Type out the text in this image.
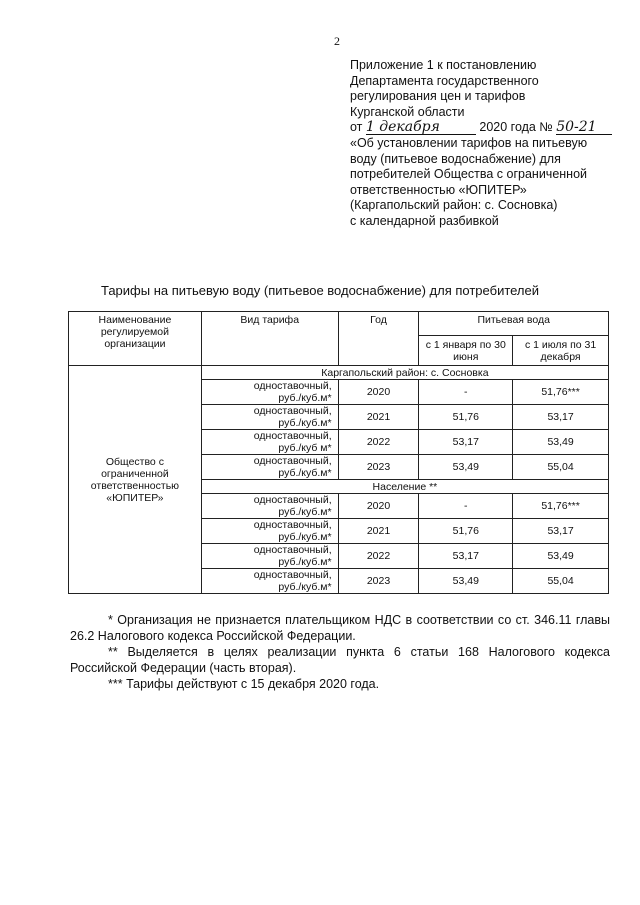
2
Приложение 1 к постановлению
Департамента государственного
регулирования цен и тарифов
Курганской области
от 1 декабря	2020 года № 50-21
«Об установлении тарифов на питьевую
воду (питьевое водоснабжение) для
потребителей Общества с ограниченной
ответственностью «ЮПИТЕР»
(Каргапольский район: с. Сосновка)
с календарной разбивкой
Тарифы на питьевую воду (питьевое водоснабжение) для потребителей
Наименование регулируемой организации	Вид тарифа	Год	Питьевая вода	
			с 1 января по 30 июня	с 1 июля по 31 декабря
Общество с ограниченной ответственностью «ЮПИТЕР»	Каргапольский район: с. Сосновка			
	одноставочный,
руб./куб.м*	2020	-	51,76***
	одноставочный,
руб./куб.м*	2021	51,76	53,17
	одноставочный,
руб./куб м*	2022	53,17	53,49
	одноставочный,
руб./куб.м*	2023	53,49	55,04
	Население **			
	одноставочный,
руб./куб.м*	2020	-	51,76***
	одноставочный,
руб./куб.м*	2021	51,76	53,17
	одноставочный,
руб./куб.м*	2022	53,17	53,49
	одноставочный,
руб./куб.м*	2023	53,49	55,04

* Организация не признается плательщиком НДС в соответствии со ст. 346.11 главы 26.2 Налогового кодекса Российской Федерации.

** Выделяется в целях реализации пункта 6 статьи 168 Налогового кодекса Российской Федерации (часть вторая).

*** Тарифы действуют с 15 декабря 2020 года.
